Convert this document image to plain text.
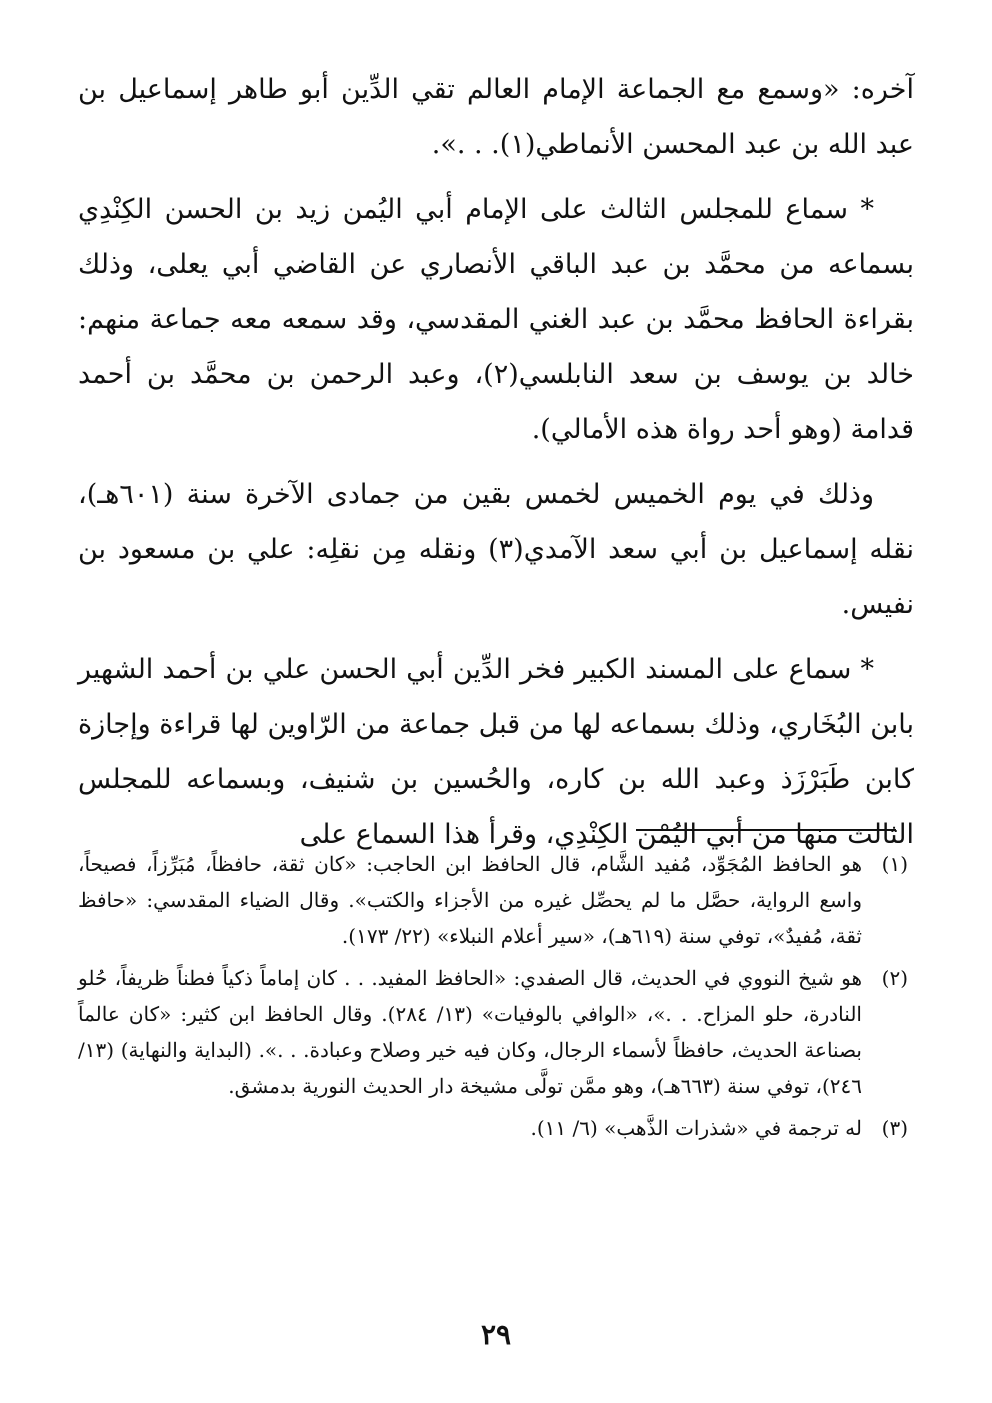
آخره: «وسمع مع الجماعة الإمام العالم تقي الدِّين أبو طاهر إسماعيل بن عبد الله بن عبد المحسن الأنماطي(١). . .».

* سماع للمجلس الثالث على الإمام أبي اليُمن زيد بن الحسن الكِنْدِي بسماعه من محمَّد بن عبد الباقي الأنصاري عن القاضي أبي يعلى، وذلك بقراءة الحافظ محمَّد بن عبد الغني المقدسي، وقد سمعه معه جماعة منهم: خالد بن يوسف بن سعد النابلسي(٢)، وعبد الرحمن بن محمَّد بن أحمد قدامة (وهو أحد رواة هذه الأمالي).

وذلك في يوم الخميس لخمس بقين من جمادى الآخرة سنة (٦٠١هـ)، نقله إسماعيل بن أبي سعد الآمدي(٣) ونقله مِن نقلِه: علي بن مسعود بن نفيس.

* سماع على المسند الكبير فخر الدِّين أبي الحسن علي بن أحمد الشهير بابن البُخَاري، وذلك بسماعه لها من قبل جماعة من الرّاوين لها قراءة وإجازة كابن طَبَرْزَذ وعبد الله بن كاره، والحُسين بن شنيف، وبسماعه للمجلس الثالث منها من أبي اليُمْن الكِنْدِي، وقرأ هذا السماع على

(١)
هو الحافظ المُجَوِّد، مُفيد الشَّام، قال الحافظ ابن الحاجب: «كان ثقة، حافظاً، مُبَرِّزاً، فصيحاً، واسع الرواية، حصَّل ما لم يحصِّل غيره من الأجزاء والكتب». وقال الضياء المقدسي: «حافظ ثقة، مُفيدٌ»، توفي سنة (٦١٩هـ)، «سير أعلام النبلاء» (٢٢/ ١٧٣).
(٢)
هو شيخ النووي في الحديث، قال الصفدي: «الحافظ المفيد. . . كان إماماً ذكياً فطناً ظريفاً، حُلو النادرة، حلو المزاح. . .»، «الوافي بالوفيات» (١٣/ ٢٨٤). وقال الحافظ ابن كثير: «كان عالماً بصناعة الحديث، حافظاً لأسماء الرجال، وكان فيه خير وصلاح وعبادة. . .». (البداية والنهاية) (١٣/ ٢٤٦)، توفي سنة (٦٦٣هـ)، وهو ممَّن تولَّى مشيخة دار الحديث النورية بدمشق.
(٣)
له ترجمة في «شذرات الذَّهب» (٦/ ١١).
٢٩
